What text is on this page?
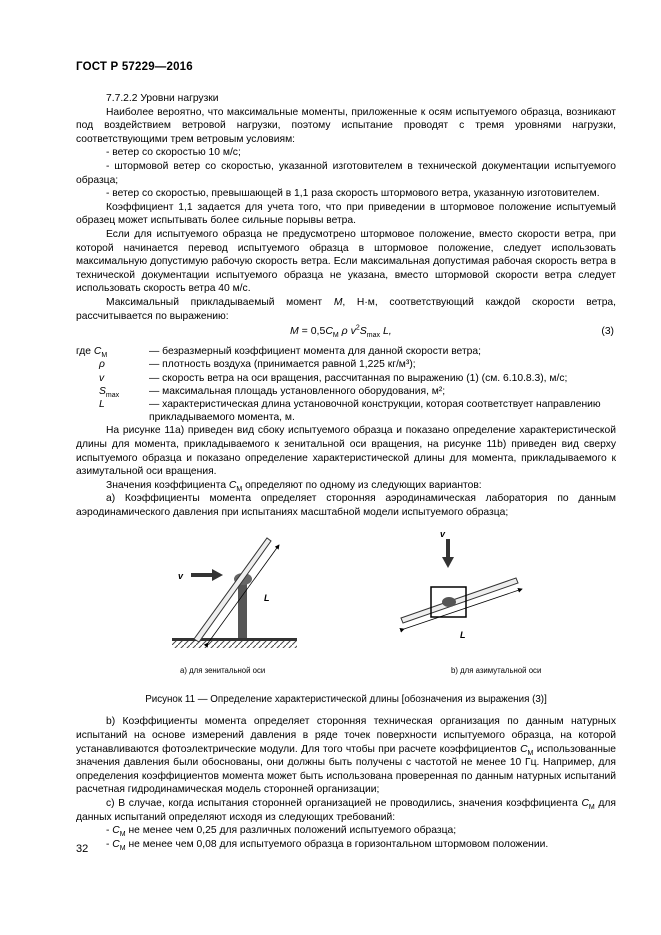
ГОСТ Р 57229—2016

7.7.2.2 Уровни нагрузки

Наиболее вероятно, что максимальные моменты, приложенные к осям испытуемого образца, возникают под воздействием ветровой нагрузки, поэтому испытание проводят с тремя уровнями нагрузки, соответствующими трем ветровым условиям:

- ветер со скоростью 10 м/с;

- штормовой ветер со скоростью, указанной изготовителем в технической документации испытуемого образца;

- ветер со скоростью, превышающей в 1,1 раза скорость штормового ветра, указанную изготовителем.

Коэффициент 1,1 задается для учета того, что при приведении в штормовое положение испытуемый образец может испытывать более сильные порывы ветра.

Если для испытуемого образца не предусмотрено штормовое положение, вместо скорости ветра, при которой начинается перевод испытуемого образца в штормовое положение, следует использовать максимальную допустимую рабочую скорость ветра. Если максимальная допустимая рабочая скорость ветра в технической документации испытуемого образца не указана, вместо штормовой скорости ветра следует использовать скорость ветра 40 м/с.

Максимальный прикладываемый момент M, Н·м, соответствующий каждой скорости ветра, рассчитывается по выражению:

$M = 0,5C_M$ ρ $v^2S_{max}$ L,	(3)
где $C_M$	— безразмерный коэффициент момента для данной скорости ветра;
ρ	— плотность воздуха (принимается равной 1,225 кг/м³);
v	— скорость ветра на оси вращения, рассчитанная по выражению (1) (см. 6.10.8.3), м/с;
$S_{max}$	— максимальная площадь установленного оборудования, м²;
L	— характеристическая длина установочной конструкции, которая соответствует направлению прикладываемого момента, м.

На рисунке 11а) приведен вид сбоку испытуемого образца и показано определение характеристической длины для момента, прикладываемого к зенитальной оси вращения, на рисунке 11b) приведен вид сверху испытуемого образца и показано определение характеристической длины для момента, прикладываемого к азимутальной оси вращения.

Значения коэффициента $C_M$ определяют по одному из следующих вариантов:

а) Коэффициенты момента определяет сторонняя аэродинамическая лаборатория по данным аэродинамического давления при испытаниях масштабной модели испытуемого образца;

v
L
v
L
а) для зенитальной оси	b) для азимутальной оси
Рисунок 11 — Определение характеристической длины [обозначения из выражения (3)]

b) Коэффициенты момента определяет сторонняя техническая организация по данным натурных испытаний на основе измерений давления в ряде точек поверхности испытуемого образца, на которой устанавливаются фотоэлектрические модули. Для того чтобы при расчете коэффициентов $C_M$ использованные значения давления были обоснованы, они должны быть получены с частотой не менее 10 Гц. Например, для определения коэффициентов момента может быть использована проверенная по данным натурных испытаний расчетная гидродинамическая модель сторонней организации;

с) В случае, когда испытания сторонней организацией не проводились, значения коэффициента $C_M$ для данных испытаний определяют исходя из следующих требований:

- $C_M$ не менее чем 0,25 для различных положений испытуемого образца;

- $C_M$ не менее чем 0,08 для испытуемого образца в горизонтальном штормовом положении.

32
